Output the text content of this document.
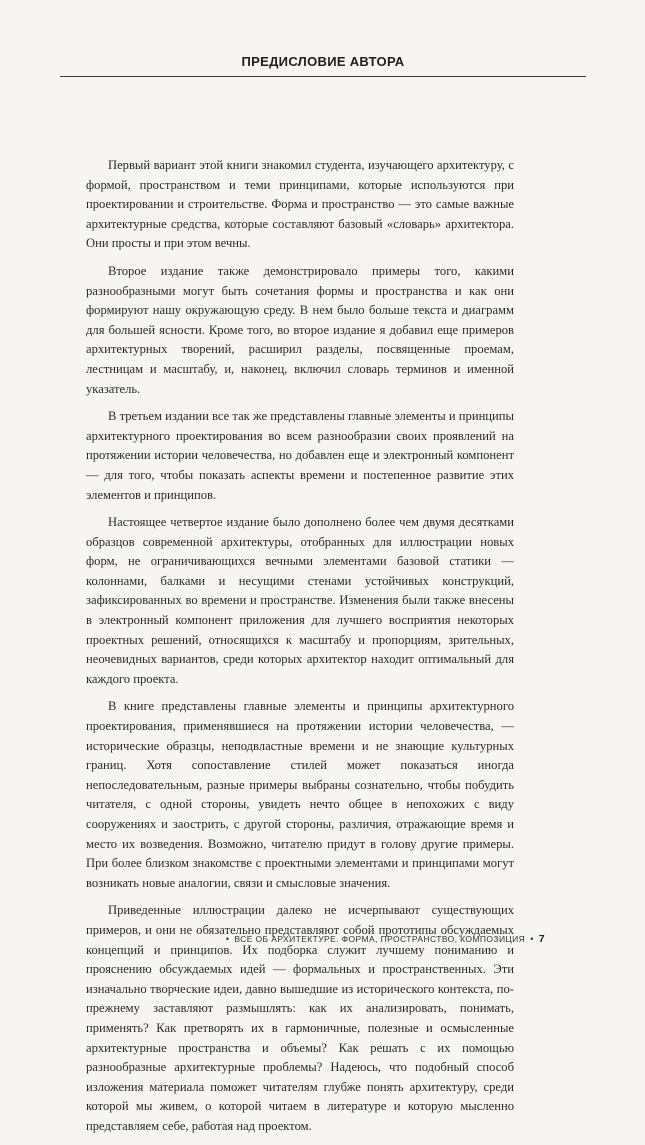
ПРЕДИСЛОВИЕ АВТОРА

Первый вариант этой книги знакомил студента, изучающего архитектуру, с формой, пространством и теми принципами, которые используются при проектировании и строительстве. Форма и пространство — это самые важные архитектурные средства, которые составляют базовый «словарь» архитектора. Они просты и при этом вечны.

Второе издание также демонстрировало примеры того, какими разнообразными могут быть сочетания формы и пространства и как они формируют нашу окружающую среду. В нем было больше текста и диаграмм для большей ясности. Кроме того, во второе издание я добавил еще примеров архитектурных творений, расширил разделы, посвященные проемам, лестницам и масштабу, и, наконец, включил словарь терминов и именной указатель.

В третьем издании все так же представлены главные элементы и принципы архитектурного проектирования во всем разнообразии своих проявлений на протяжении истории человечества, но добавлен еще и электронный компонент — для того, чтобы показать аспекты времени и постепенное развитие этих элементов и принципов.

Настоящее четвертое издание было дополнено более чем двумя десятками образцов современной архитектуры, отобранных для иллюстрации новых форм, не ограничивающихся вечными элементами базовой статики — колоннами, балками и несущими стенами устойчивых конструкций, зафиксированных во времени и пространстве. Изменения были также внесены в электронный компонент приложения для лучшего восприятия некоторых проектных решений, относящихся к масштабу и пропорциям, зрительных, неочевидных вариантов, среди которых архитектор находит оптимальный для каждого проекта.

В книге представлены главные элементы и принципы архитектурного проектирования, применявшиеся на протяжении истории человечества, — исторические образцы, неподвластные времени и не знающие культурных границ. Хотя сопоставление стилей может показаться иногда непоследовательным, разные примеры выбраны сознательно, чтобы побудить читателя, с одной стороны, увидеть нечто общее в непохожих с виду сооружениях и заострить, с другой стороны, различия, отражающие время и место их возведения. Возможно, читателю придут в голову другие примеры. При более близком знакомстве с проектными элементами и принципами могут возникать новые аналогии, связи и смысловые значения.

Приведенные иллюстрации далеко не исчерпывают существующих примеров, и они не обязательно представляют собой прототипы обсуждаемых концепций и принципов. Их подборка служит лучшему пониманию и прояснению обсуждаемых идей — формальных и пространственных. Эти изначально творческие идеи, давно вышедшие из исторического контекста, по-прежнему заставляют размышлять: как их анализировать, понимать, применять? Как претворять их в гармоничные, полезные и осмысленные архитектурные пространства и объемы? Как решать с их помощью разнообразные архитектурные проблемы? Надеюсь, что подобный способ изложения материала поможет читателям глубже понять архитектуру, среди которой мы живем, о которой читаем в литературе и которую мысленно представляем себе, работая над проектом.

• ВСЕ ОБ АРХИТЕКТУРЕ. ФОРМА, ПРОСТРАНСТВО, КОМПОЗИЦИЯ • 7
